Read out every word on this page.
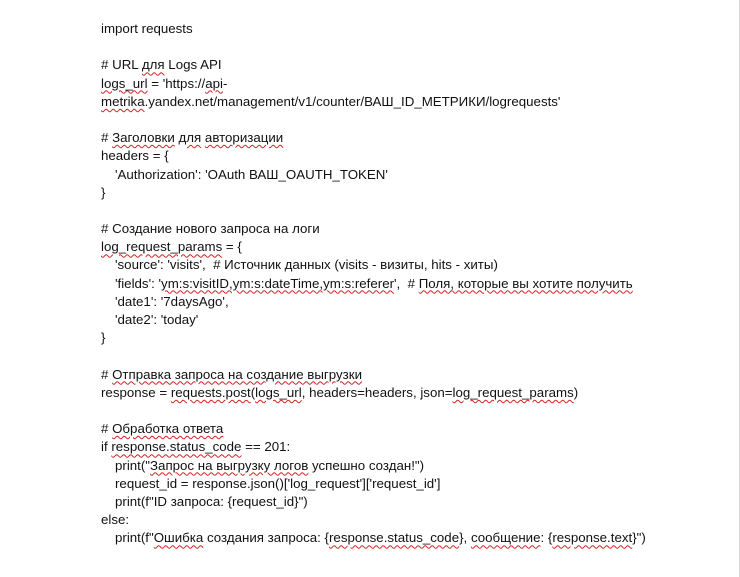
import requests
# URL для Logs API
logs_url = 'https://api-
metrika.yandex.net/management/v1/counter/ВАШ_ID_МЕТРИКИ/logrequests'
# Заголовки для авторизации
headers = {
'Authorization': 'OAuth ВАШ_OAUTH_TOKEN'
}
# Создание нового запроса на логи
log_request_params = {
'source': 'visits',  # Источник данных (visits - визиты, hits - хиты)
'fields': 'ym:s:visitID,ym:s:dateTime,ym:s:referer',  # Поля, которые вы хотите получить
'date1': '7daysAgo',
'date2': 'today'
}
# Отправка запроса на создание выгрузки
response = requests.post(logs_url, headers=headers, json=log_request_params)
# Обработка ответа
if response.status_code == 201:
print("Запрос на выгрузку логов успешно создан!")
request_id = response.json()['log_request']['request_id']
print(f"ID запроса: {request_id}")
else:
print(f"Ошибка создания запроса: {response.status_code}, сообщение: {response.text}")
